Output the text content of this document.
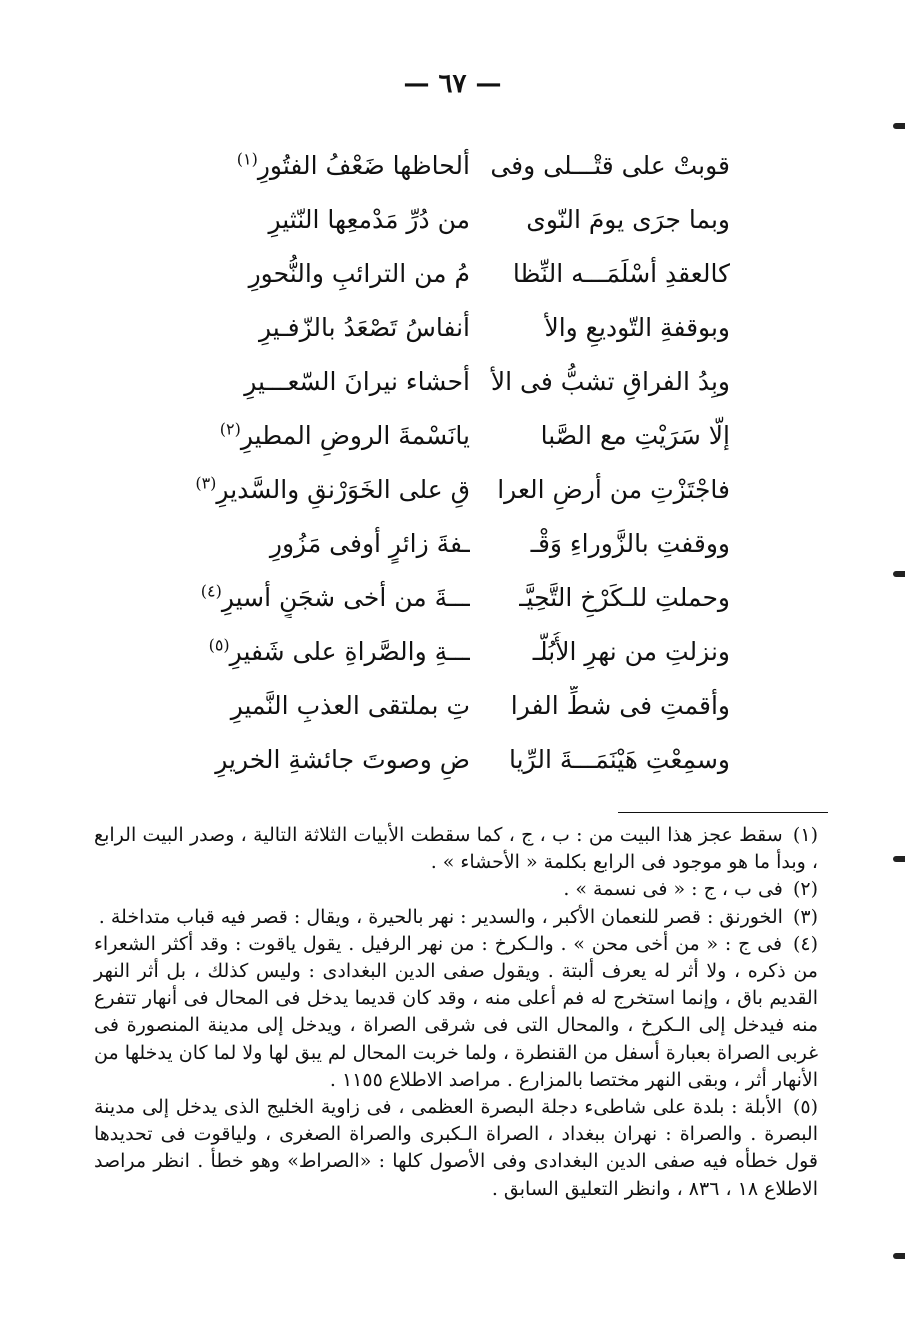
— ٦٧ —
قوبتْ على قتْـــلى وفى
ألحاظها ضَعْفُ الفتُورِ$^{(١)}$
وبما جرَى يومَ النّوى
من دُرِّ مَدْمعِها النّثيرِ
كالعقدِ أسْلَمَـــه النِّظا
مُ من الترائبِ والنُّحورِ
وبوقفةِ التّوديعِ والأ
أنفاسُ تَصْعَدُ بالزّفـيرِ
وبِدُ الفراقِ تشبُّ فى الأ
أحشاء نيرانَ السّعـــيرِ
إلّا سَرَيْتِ مع الصَّبا
يانَسْمةَ الروضِ المطيرِ$^{(٢)}$
فاجْتَزْتِ من أرضِ العرا
قِ على الخَوَرْنقِ والسَّديرِ$^{(٣)}$
ووقفتِ بالزَّوراءِ وَقْـ
ـفةَ زائرٍ أوفى مَزُورِ
وحملتِ للـكَرْخِ التَّحِيَّـ
ـــةَ من أخى شجَنٍ أسيرِ$^{(٤)}$
ونزلتِ من نهرِ الأُبُلَّـ
ـــةِ والصَّراةِ على شَفيرِ$^{(٥)}$
وأقمتِ فى شطِّ الفرا
تِ بملتقى العذبِ النَّميرِ
وسمِعْتِ هَيْنَمَـــةَ الرِّيا
ضِ وصوتَ جائشةِ الخريرِ

(١) سقط عجز هذا البيت من : ب ، ج ، كما سقطت الأبيات الثلاثة التالية ، وصدر البيت الرابع ، وبدأ ما هو موجود فى الرابع بكلمة « الأحشاء » .

(٢) فى ب ، ج : « فى نسمة » .

(٣) الخورنق : قصر للنعمان الأكبر ، والسدير : نهر بالحيرة ، ويقال : قصر فيه قباب متداخلة .

(٤) فى ج : « من أخى محن » . والـكرخ : من نهر الرفيل . يقول ياقوت : وقد أكثر الشعراء من ذكره ، ولا أثر له يعرف ألبتة . ويقول صفى الدين البغدادى : وليس كذلك ، بل أثر النهر القديم باق ، وإنما استخرج له فم أعلى منه ، وقد كان قديما يدخل فى المحال فى أنهار تتفرع منه فيدخل إلى الـكرخ ، والمحال التى فى شرقى الصراة ، ويدخل إلى مدينة المنصورة فى غربى الصراة بعبارة أسفل من القنطرة ، ولما خربت المحال لم يبق لها ولا لما كان يدخلها من الأنهار أثر ، وبقى النهر مختصا بالمزارع . مراصد الاطلاع ١١٥٥ .

(٥) الأبلة : بلدة على شاطىء دجلة البصرة العظمى ، فى زاوية الخليج الذى يدخل إلى مدينة البصرة . والصراة : نهران ببغداد ، الصراة الـكبرى والصراة الصغرى ، ولياقوت فى تحديدها قول خطأه فيه صفى الدين البغدادى وفى الأصول كلها : «الصراط» وهو خطأ . انظر مراصد الاطلاع ١٨ ، ٨٣٦ ، وانظر التعليق السابق .
